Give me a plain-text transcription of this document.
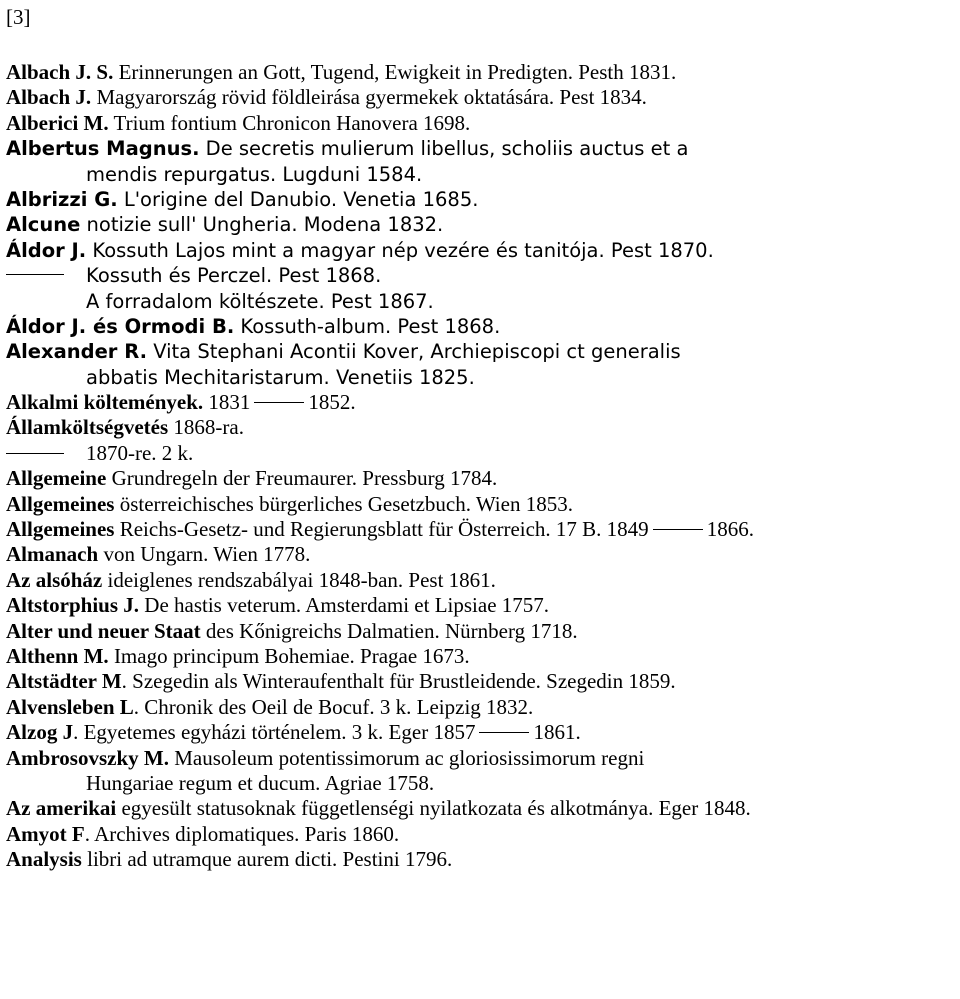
[3]
Albach J. S. Erinnerungen an Gott, Tugend, Ewigkeit in Predigten. Pesth 1831.
Albach J. Magyarország rövid földleirása gyermekek oktatására. Pest 1834.
Alberici M. Trium fontium Chronicon Hanovera 1698.
Albertus Magnus. De secretis mulierum libellus, scholiis auctus et a
mendis repurgatus. Lugduni 1584.
Albrizzi G. L'origine del Danubio. Venetia 1685.
Alcune notizie sull' Ungheria. Modena 1832.
Áldor J. Kossuth Lajos mint a magyar nép vezére és tanitója. Pest 1870.
Kossuth és Perczel. Pest 1868.
A forradalom költészete. Pest 1867.
Áldor J. és Ormodi B. Kossuth-album. Pest 1868.
Alexander R. Vita Stephani Acontii Kover, Archiepiscopi ct generalis
abbatis Mechitaristarum. Venetiis 1825.
Alkalmi költemények. 1831	1852.
Államköltségvetés 1868-ra.
1870-re. 2 k.
Allgemeine Grundregeln der Freumaurer. Pressburg 1784.
Allgemeines österreichisches bürgerliches Gesetzbuch. Wien 1853.
Allgemeines Reichs-Gesetz- und Regierungsblatt für Österreich. 17 B. 1849	1866.
Almanach von Ungarn. Wien 1778.
Az alsóház ideiglenes rendszabályai 1848-ban. Pest 1861.
Altstorphius J. De hastis veterum. Amsterdami et Lipsiae 1757.
Alter und neuer Staat des Kőnigreichs Dalmatien. Nürnberg 1718.
Althenn M. Imago principum Bohemiae. Pragae 1673.
Altstädter M. Szegedin als Winteraufenthalt für Brustleidende. Szegedin 1859.
Alvensleben L. Chronik des Oeil de Bocuf. 3 k. Leipzig 1832.
Alzog J. Egyetemes egyházi történelem. 3 k. Eger 1857	1861.
Ambrosovszky M. Mausoleum potentissimorum ac gloriosissimorum regni
Hungariae regum et ducum. Agriae 1758.
Az amerikai egyesült statusoknak függetlenségi nyilatkozata és alkotmánya. Eger 1848.
Amyot F. Archives diplomatiques. Paris 1860.
Analysis libri ad utramque aurem dicti. Pestini 1796.
